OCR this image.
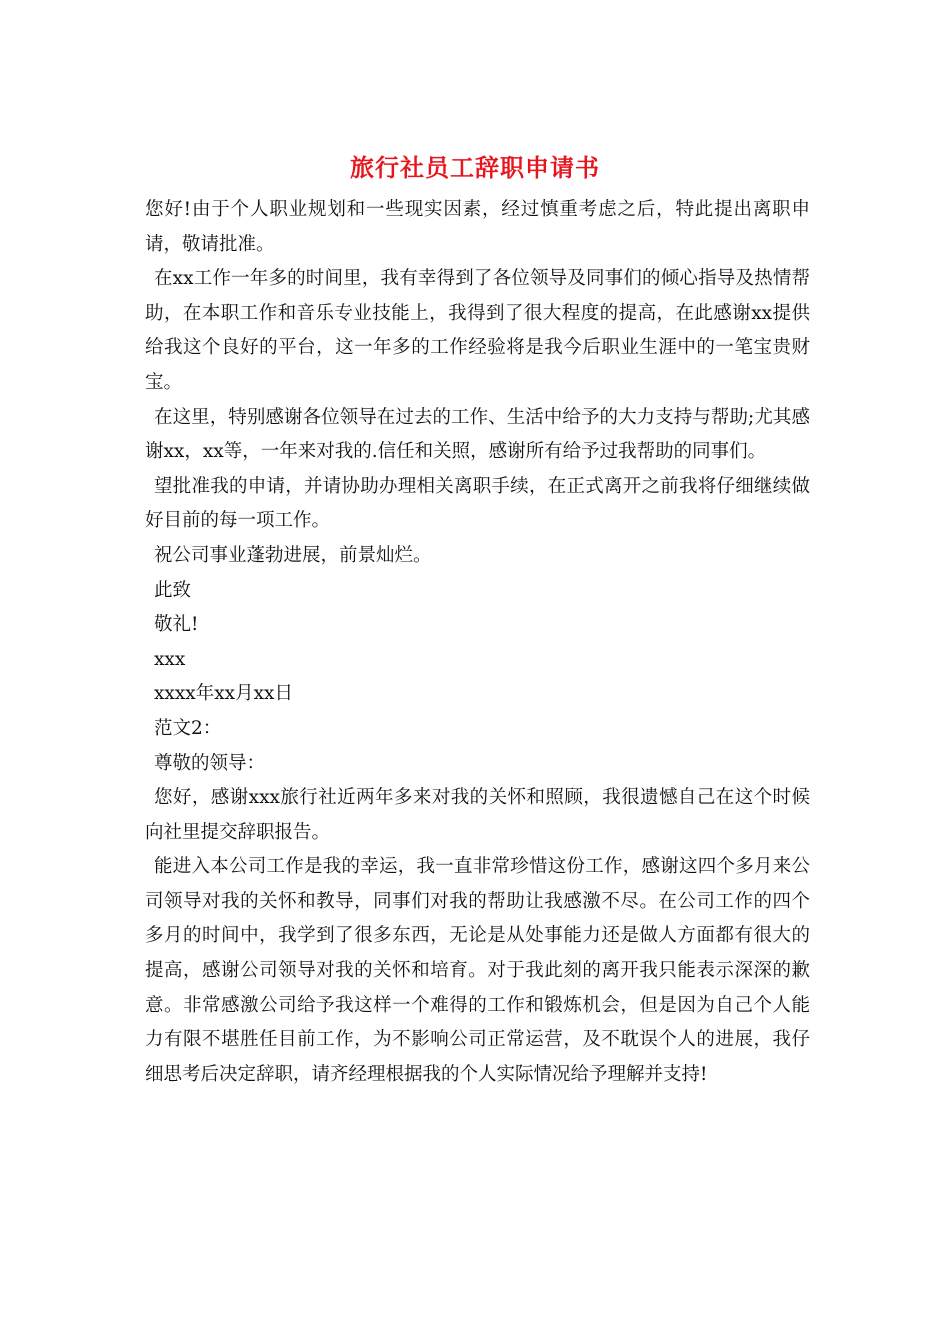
旅行社员工辞职申请书

您好!由于个人职业规划和一些现实因素，经过慎重考虑之后，特此提出离职申请，敬请批准。

在xx工作一年多的时间里，我有幸得到了各位领导及同事们的倾心指导及热情帮助，在本职工作和音乐专业技能上，我得到了很大程度的提高，在此感谢xx提供给我这个良好的平台，这一年多的工作经验将是我今后职业生涯中的一笔宝贵财宝。

在这里，特别感谢各位领导在过去的工作、生活中给予的大力支持与帮助;尤其感谢xx，xx等，一年来对我的.信任和关照，感谢所有给予过我帮助的同事们。

望批准我的申请，并请协助办理相关离职手续，在正式离开之前我将仔细继续做好目前的每一项工作。

祝公司事业蓬勃进展，前景灿烂。

此致

敬礼!

xxx

xxxx年xx月xx日

范文2：

尊敬的领导：

您好，感谢xxx旅行社近两年多来对我的关怀和照顾，我很遗憾自己在这个时候向社里提交辞职报告。

能进入本公司工作是我的幸运，我一直非常珍惜这份工作，感谢这四个多月来公司领导对我的关怀和教导，同事们对我的帮助让我感激不尽。在公司工作的四个多月的时间中，我学到了很多东西，无论是从处事能力还是做人方面都有很大的提高，感谢公司领导对我的关怀和培育。对于我此刻的离开我只能表示深深的歉意。非常感激公司给予我这样一个难得的工作和锻炼机会，但是因为自己个人能力有限不堪胜任目前工作，为不影响公司正常运营，及不耽误个人的进展，我仔细思考后决定辞职，请齐经理根据我的个人实际情况给予理解并支持!
